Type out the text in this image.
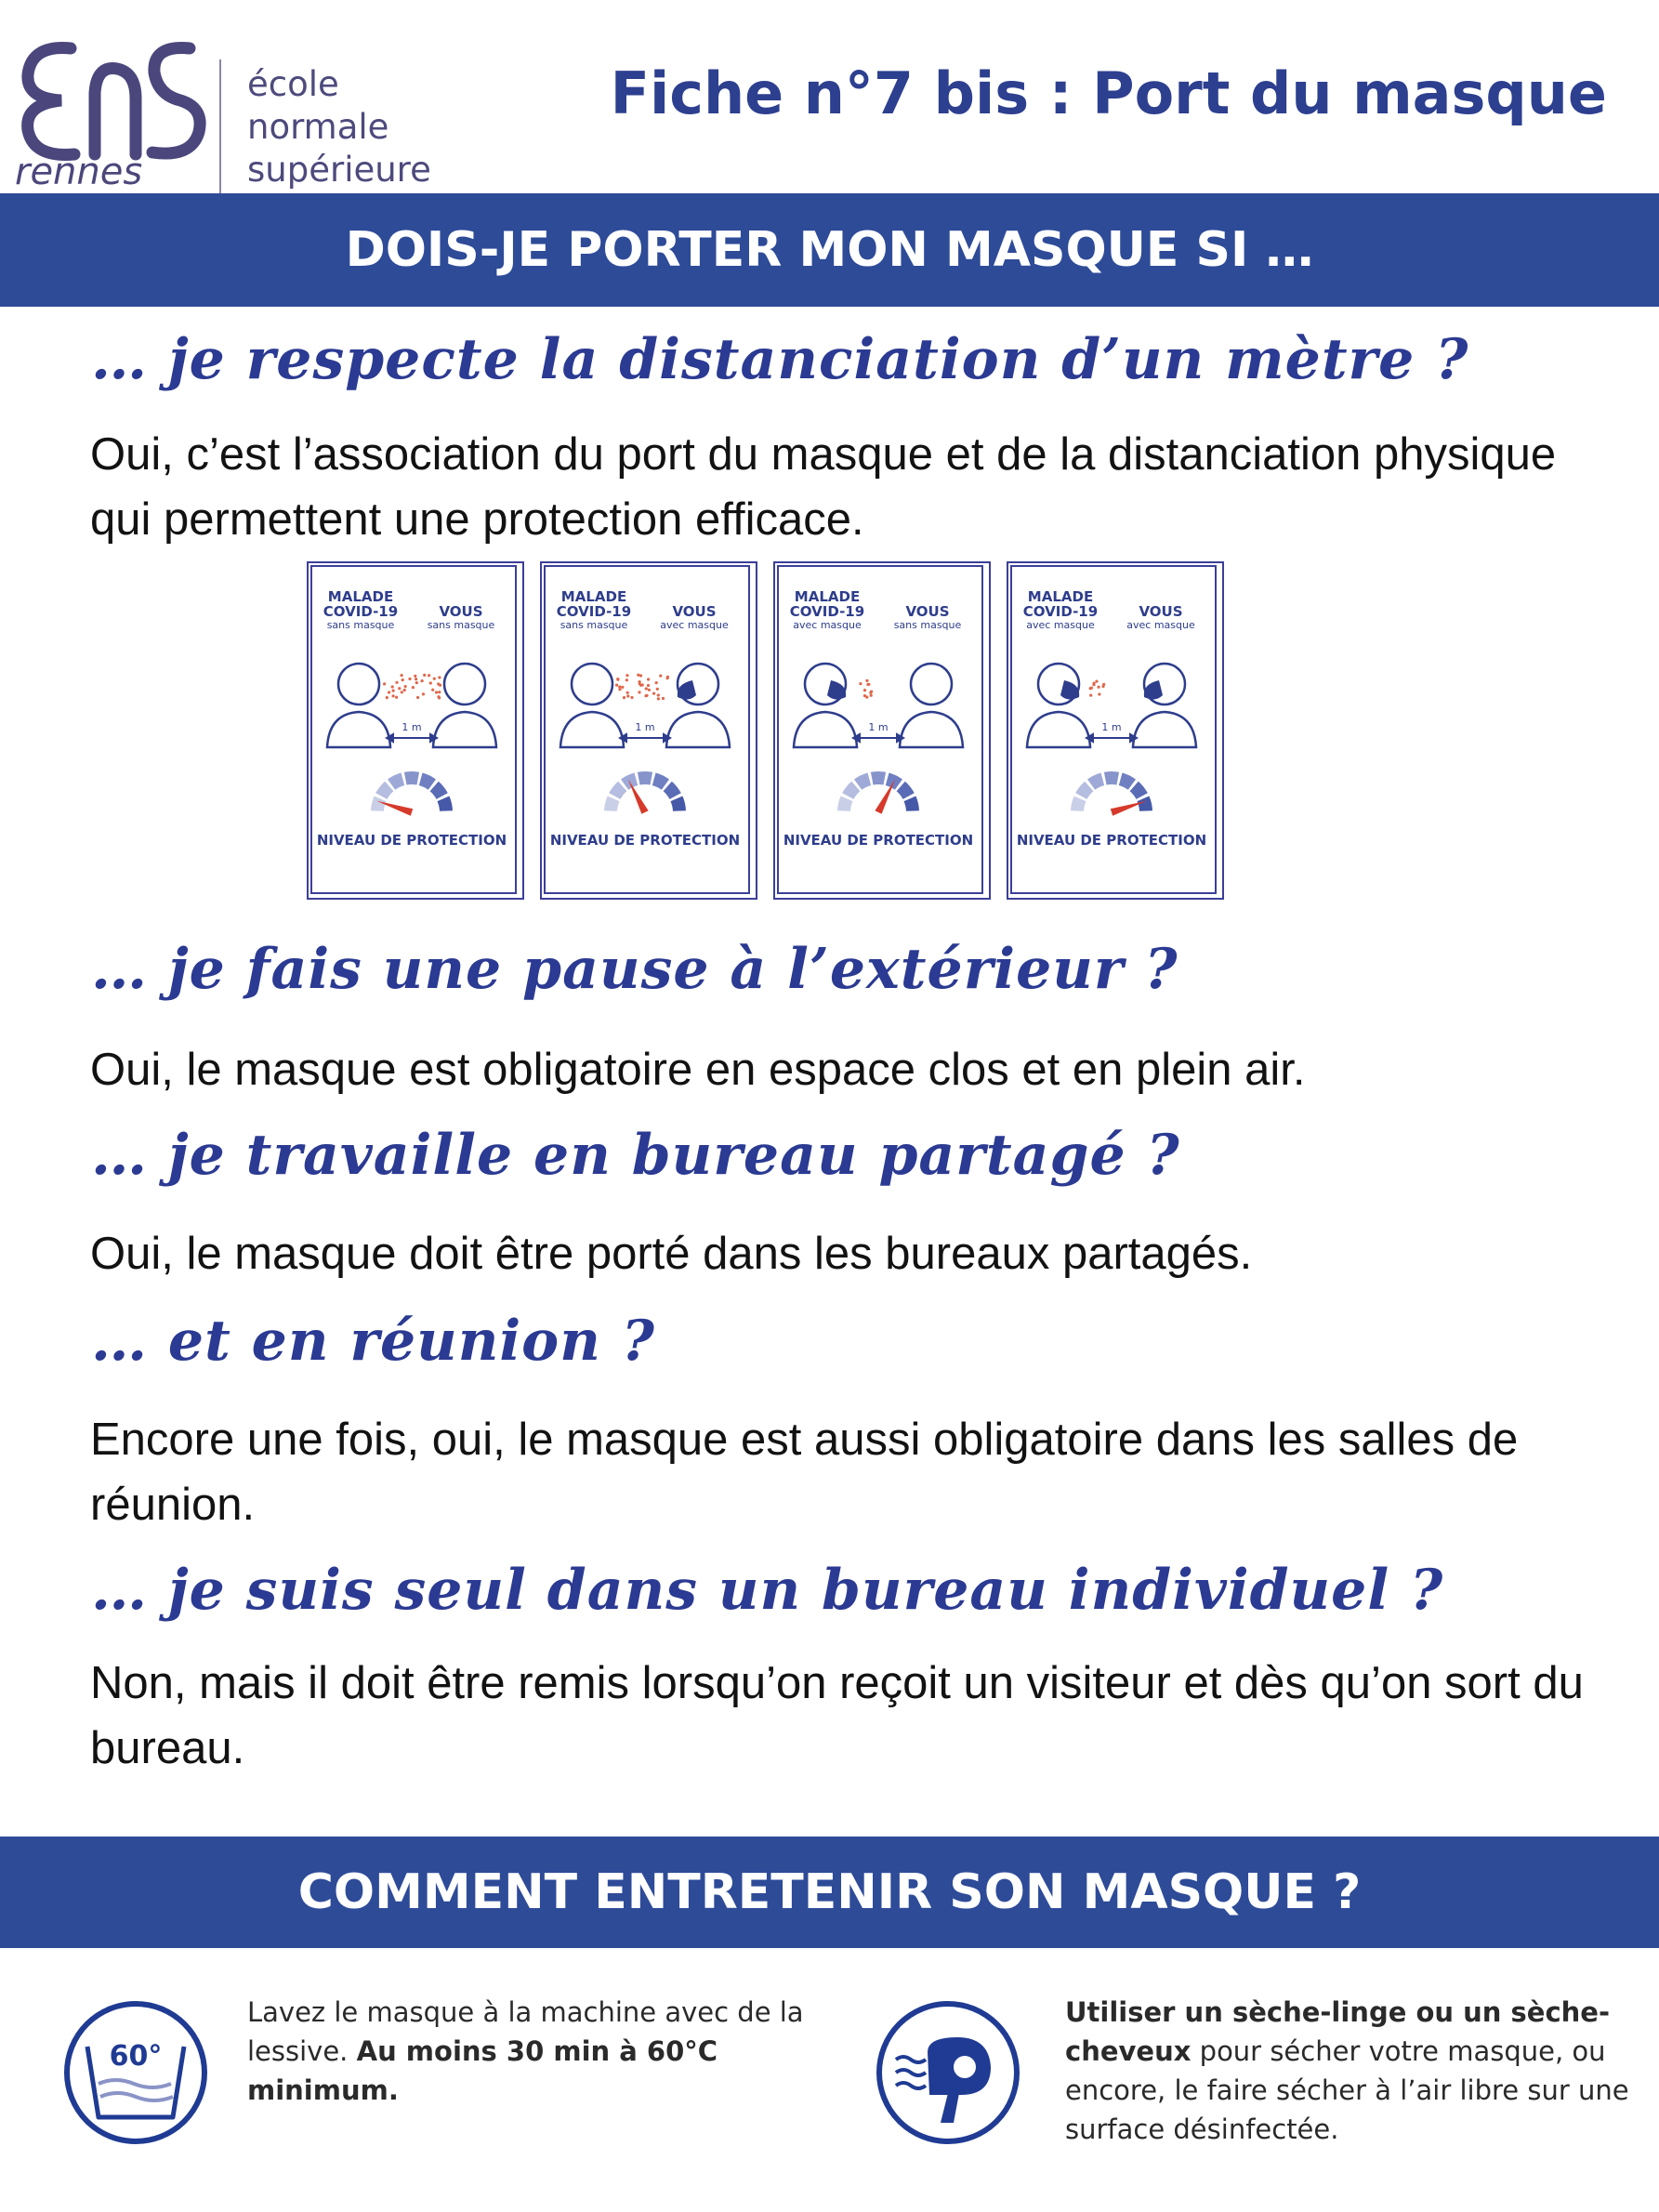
rennes
école
normale
supérieure
Fiche n°7 bis : Port du masque
DOIS-JE PORTER MON MASQUE SI …
… je respecte la distanciation d’un mètre ?
Oui, c’est l’association du port du masque et de la distanciation physique qui permettent une protection efficace.
MALADE COVID-19
sans masque
VOUS
sans masque
NIVEAU DE PROTECTION
1 m
MALADE COVID-19
sans masque
VOUS
avec masque
NIVEAU DE PROTECTION
1 m
MALADE COVID-19
avec masque
VOUS
sans masque
NIVEAU DE PROTECTION
1 m
MALADE COVID-19
avec masque
VOUS
avec masque
NIVEAU DE PROTECTION
1 m
… je fais une pause à l’extérieur ?
Oui, le masque est obligatoire en espace clos et en plein air.
… je travaille en bureau partagé ?
Oui, le masque doit être porté dans les bureaux partagés.
… et en réunion ?
Encore une fois, oui, le masque est aussi obligatoire dans les salles de réunion.
… je suis seul dans un bureau individuel ?
Non, mais il doit être remis lorsqu’on reçoit un visiteur et dès qu’on sort du bureau.
COMMENT ENTRETENIR SON MASQUE ?
60°
Lavez le masque à la machine avec de la lessive. Au moins 30 min à 60°C minimum.
Utiliser un sèche-linge ou un sèche-cheveux pour sécher votre masque, ou encore, le faire sécher à l’air libre sur une surface désinfectée.
